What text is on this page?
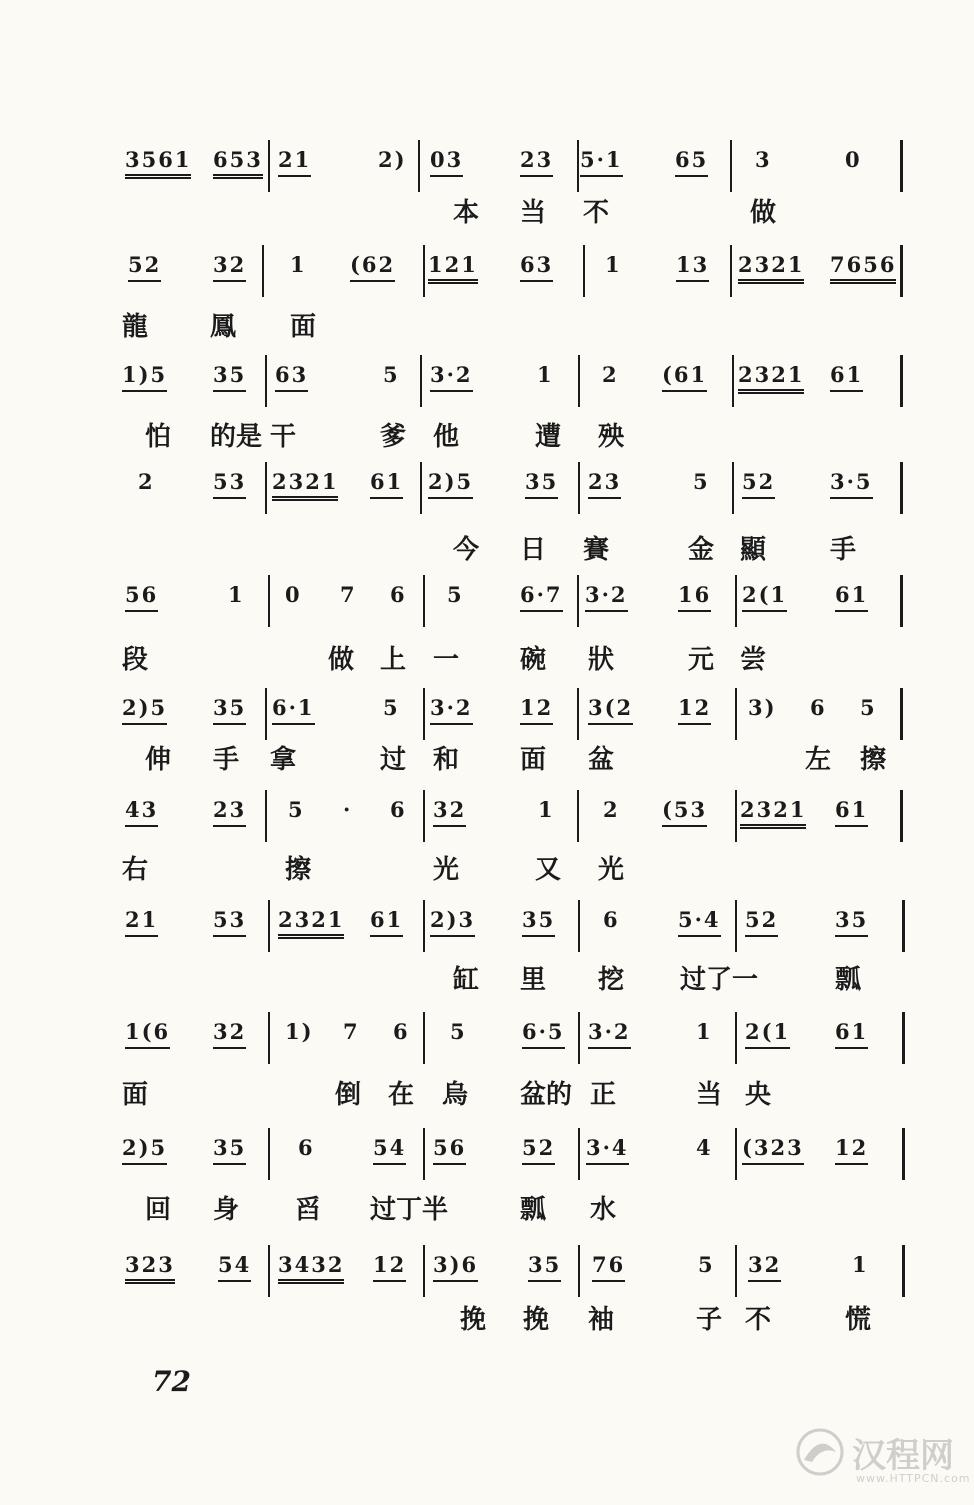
3561 653 21	2) 03	23 5·1 65 3	0
本 当 不	做
52 32 1 (62 121 63 1	13 2321 7656
龍 鳳 面
1)5 35 63	5 3·2	1 2 (61 2321 61
怕 的是 干	爹 他	遭 殃
2	53 2321 61 2)5 35 23	5 52	3·5
今 日 賽	金 顯 手
56	1 0 7 6 5	6·7 3·2 16 2(1 61
段	做 上 一 碗 狀	元 尝
2)5 35 6·1	5 3·2 12 3(2 12 3) 6 5
伸 手 拿	过 和 面 盆	左 擦
43	23 5 · 6 32	1 2 (53 2321 61
右	擦	光	又 光
21	53 2321 61 2)3 35 6	5·4 52	35
缸 里 挖 过了一	瓢
1(6 32 1) 7 6 5	6·5 3·2	1 2(1 61
面	倒 在 烏 盆的 正	当 央
2)5 35 6	54 56	52 3·4	4 (323 12
回 身 舀 过丁半	瓢 水
323 54 3432 12 3)6 35 76	5 32	1
挽 挽 袖	子 不	慌
72
汉程网
www.HTTPCN.com
